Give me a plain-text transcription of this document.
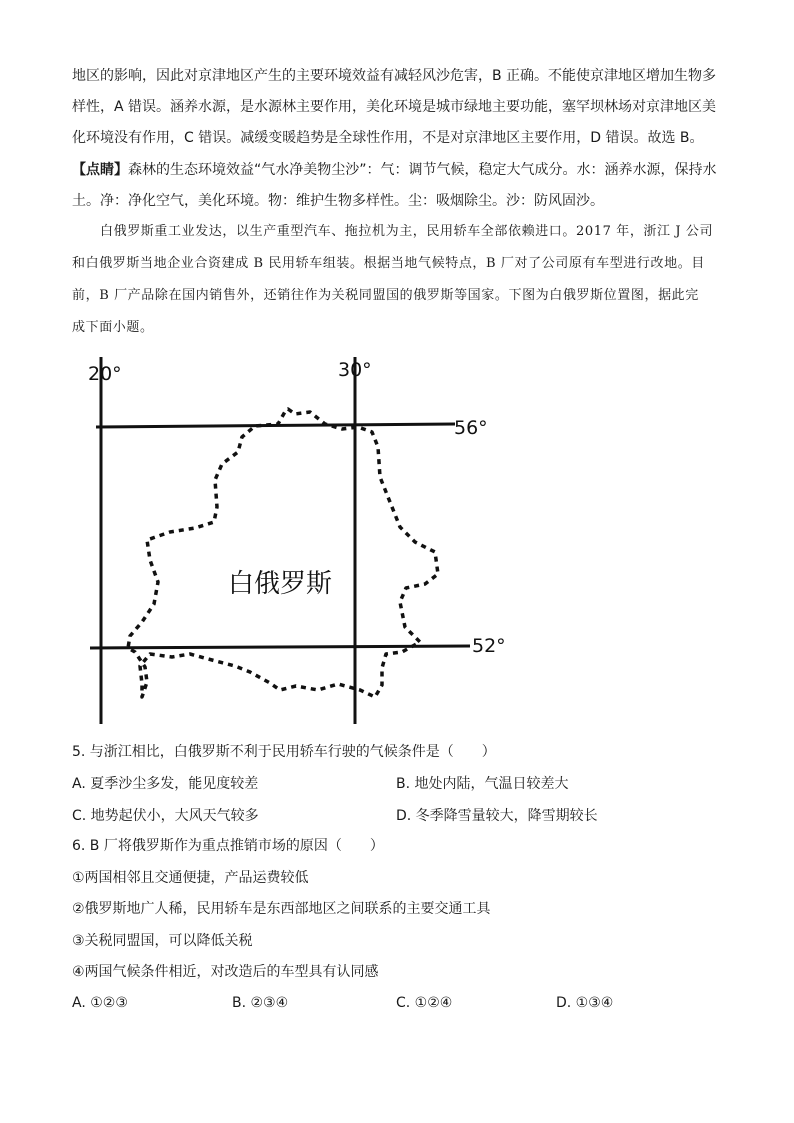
地区的影响，因此对京津地区产生的主要环境效益有减轻风沙危害，B 正确。不能使京津地区增加生物多
样性，A 错误。涵养水源，是水源林主要作用，美化环境是城市绿地主要功能，塞罕坝林场对京津地区美
化环境没有作用，C 错误。减缓变暖趋势是全球性作用，不是对京津地区主要作用，D 错误。故选 B。
【点睛】森林的生态环境效益“气水净美物尘沙”：气：调节气候，稳定大气成分。水：涵养水源，保持水
土。净：净化空气，美化环境。物：维护生物多样性。尘：吸烟除尘。沙：防风固沙。
白俄罗斯重工业发达，以生产重型汽车、拖拉机为主，民用轿车全部依赖进口。2017 年，浙江 J 公司
和白俄罗斯当地企业合资建成 B 民用轿车组装。根据当地气候特点，B 厂对了公司原有车型进行改地。目
前，B 厂产品除在国内销售外，还销往作为关税同盟国的俄罗斯等国家。下图为白俄罗斯位置图，据此完
成下面小题。
20°	30°
56°
52°
白俄罗斯
5. 与浙江相比，白俄罗斯不利于民用轿车行驶的气候条件是（　　）
A. 夏季沙尘多发，能见度较差	B. 地处内陆，气温日较差大
C. 地势起伏小，大风天气较多	D. 冬季降雪量较大，降雪期较长
6. B 厂将俄罗斯作为重点推销市场的原因（　　）
①两国相邻且交通便捷，产品运费较低
②俄罗斯地广人稀，民用轿车是东西部地区之间联系的主要交通工具
③关税同盟国，可以降低关税
④两国气候条件相近，对改造后的车型具有认同感
A. ①②③	B. ②③④	C. ①②④	D. ①③④
